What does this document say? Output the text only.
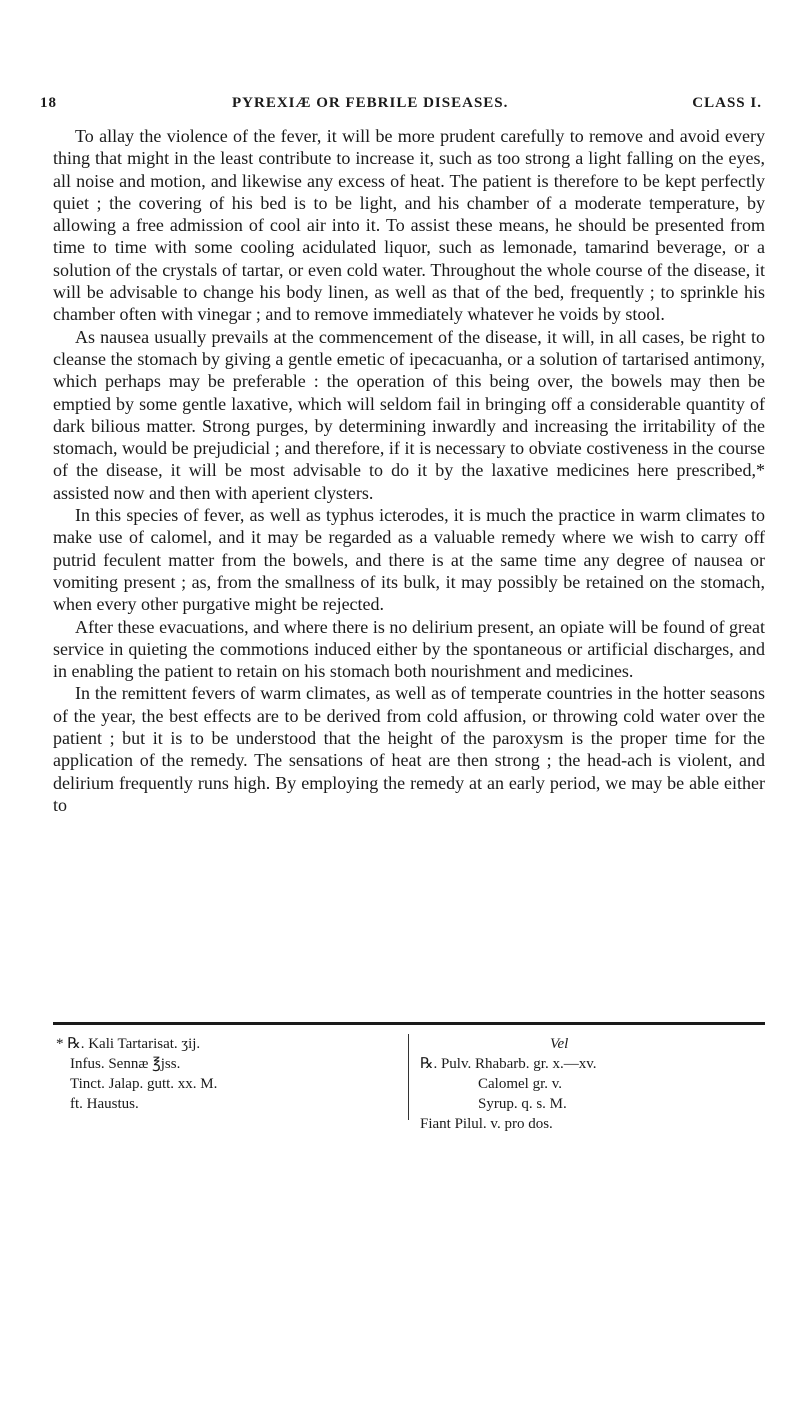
18	PYREXIÆ OR FEBRILE DISEASES.	CLASS I.

To allay the violence of the fever, it will be more prudent carefully to remove and avoid every thing that might in the least contribute to increase it, such as too strong a light falling on the eyes, all noise and motion, and likewise any excess of heat. The patient is therefore to be kept perfectly quiet ; the covering of his bed is to be light, and his chamber of a moderate temperature, by allowing a free admission of cool air into it. To assist these means, he should be presented from time to time with some cooling acidulated liquor, such as lemonade, tamarind beverage, or a solution of the crystals of tartar, or even cold water. Throughout the whole course of the disease, it will be advisable to change his body linen, as well as that of the bed, frequently ; to sprinkle his chamber often with vinegar ; and to remove immediately whatever he voids by stool.

As nausea usually prevails at the commencement of the disease, it will, in all cases, be right to cleanse the stomach by giving a gentle emetic of ipecacuanha, or a solution of tartarised antimony, which perhaps may be preferable : the operation of this being over, the bowels may then be emptied by some gentle laxative, which will seldom fail in bringing off a considerable quantity of dark bilious matter. Strong purges, by determining inwardly and increasing the irritability of the stomach, would be prejudicial ; and therefore, if it is necessary to obviate costiveness in the course of the disease, it will be most advisable to do it by the laxative medicines here prescribed,* assisted now and then with aperient clysters.

In this species of fever, as well as typhus icterodes, it is much the practice in warm climates to make use of calomel, and it may be regarded as a valuable remedy where we wish to carry off putrid feculent matter from the bowels, and there is at the same time any degree of nausea or vomiting present ; as, from the smallness of its bulk, it may possibly be retained on the stomach, when every other purgative might be rejected.

After these evacuations, and where there is no delirium present, an opiate will be found of great service in quieting the commotions induced either by the spontaneous or artificial discharges, and in enabling the patient to retain on his stomach both nourishment and medicines.

In the remittent fevers of warm climates, as well as of temperate countries in the hotter seasons of the year, the best effects are to be derived from cold affusion, or throwing cold water over the patient ; but it is to be understood that the height of the paroxysm is the proper time for the application of the remedy. The sensations of heat are then strong ; the head-ach is violent, and delirium frequently runs high. By employing the remedy at an early period, we may be able either to

* ℞. Kali Tartarisat. ʒij.
Infus. Sennæ ℥jss.
Tinct. Jalap. gutt. xx. M.
ft. Haustus.
Vel
℞. Pulv. Rhabarb. gr. x.—xv.
Calomel gr. v.
Syrup. q. s. M.
Fiant Pilul. v. pro dos.
